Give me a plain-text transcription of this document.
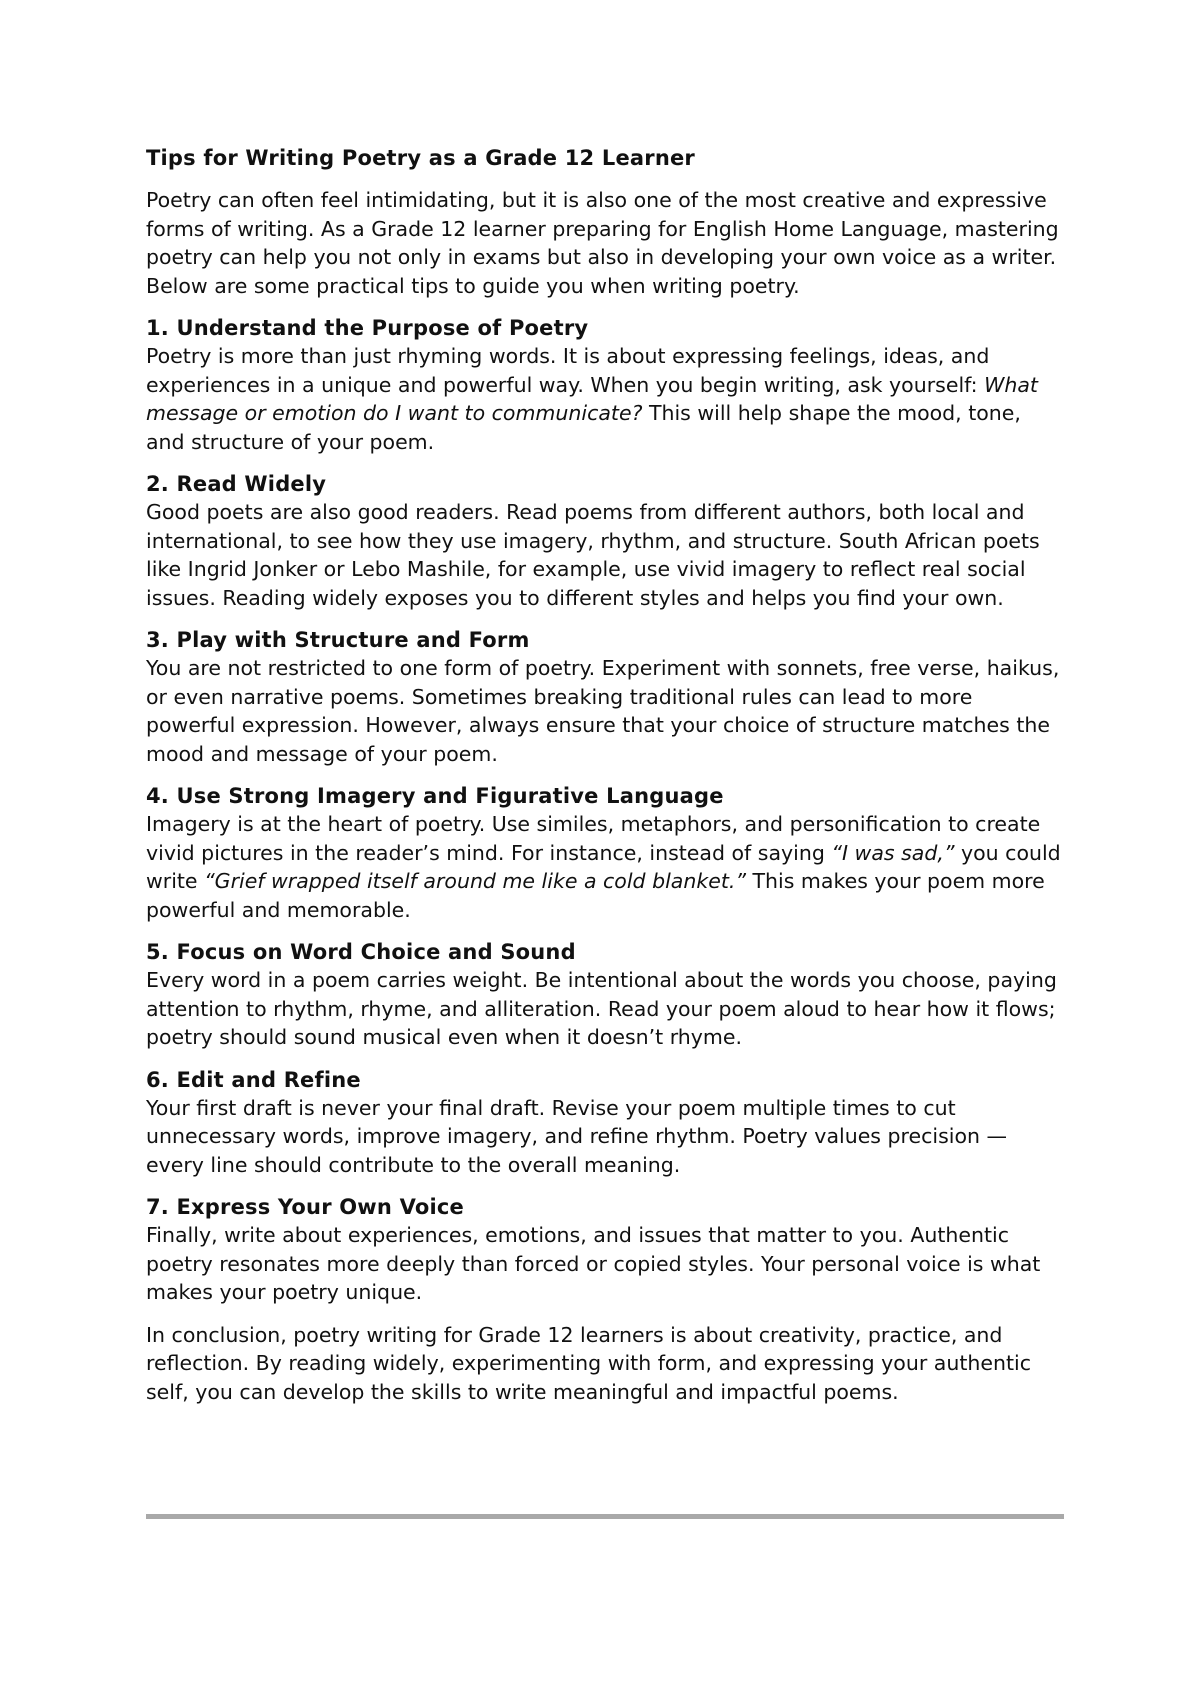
Tips for Writing Poetry as a Grade 12 Learner

Poetry can often feel intimidating, but it is also one of the most creative and expressive forms of writing. As a Grade 12 learner preparing for English Home Language, mastering poetry can help you not only in exams but also in developing your own voice as a writer. Below are some practical tips to guide you when writing poetry.

1. Understand the Purpose of Poetry

Poetry is more than just rhyming words. It is about expressing feelings, ideas, and experiences in a unique and powerful way. When you begin writing, ask yourself: What message or emotion do I want to communicate? This will help shape the mood, tone, and structure of your poem.

2. Read Widely

Good poets are also good readers. Read poems from different authors, both local and international, to see how they use imagery, rhythm, and structure. South African poets like Ingrid Jonker or Lebo Mashile, for example, use vivid imagery to reflect real social issues. Reading widely exposes you to different styles and helps you find your own.

3. Play with Structure and Form

You are not restricted to one form of poetry. Experiment with sonnets, free verse, haikus, or even narrative poems. Sometimes breaking traditional rules can lead to more powerful expression. However, always ensure that your choice of structure matches the mood and message of your poem.

4. Use Strong Imagery and Figurative Language

Imagery is at the heart of poetry. Use similes, metaphors, and personification to create vivid pictures in the reader’s mind. For instance, instead of saying “I was sad,” you could write “Grief wrapped itself around me like a cold blanket.” This makes your poem more powerful and memorable.

5. Focus on Word Choice and Sound

Every word in a poem carries weight. Be intentional about the words you choose, paying attention to rhythm, rhyme, and alliteration. Read your poem aloud to hear how it flows; poetry should sound musical even when it doesn’t rhyme.

6. Edit and Refine

Your first draft is never your final draft. Revise your poem multiple times to cut unnecessary words, improve imagery, and refine rhythm. Poetry values precision —every line should contribute to the overall meaning.

7. Express Your Own Voice

Finally, write about experiences, emotions, and issues that matter to you. Authentic poetry resonates more deeply than forced or copied styles. Your personal voice is what makes your poetry unique.

In conclusion, poetry writing for Grade 12 learners is about creativity, practice, and reflection. By reading widely, experimenting with form, and expressing your authentic self, you can develop the skills to write meaningful and impactful poems.
